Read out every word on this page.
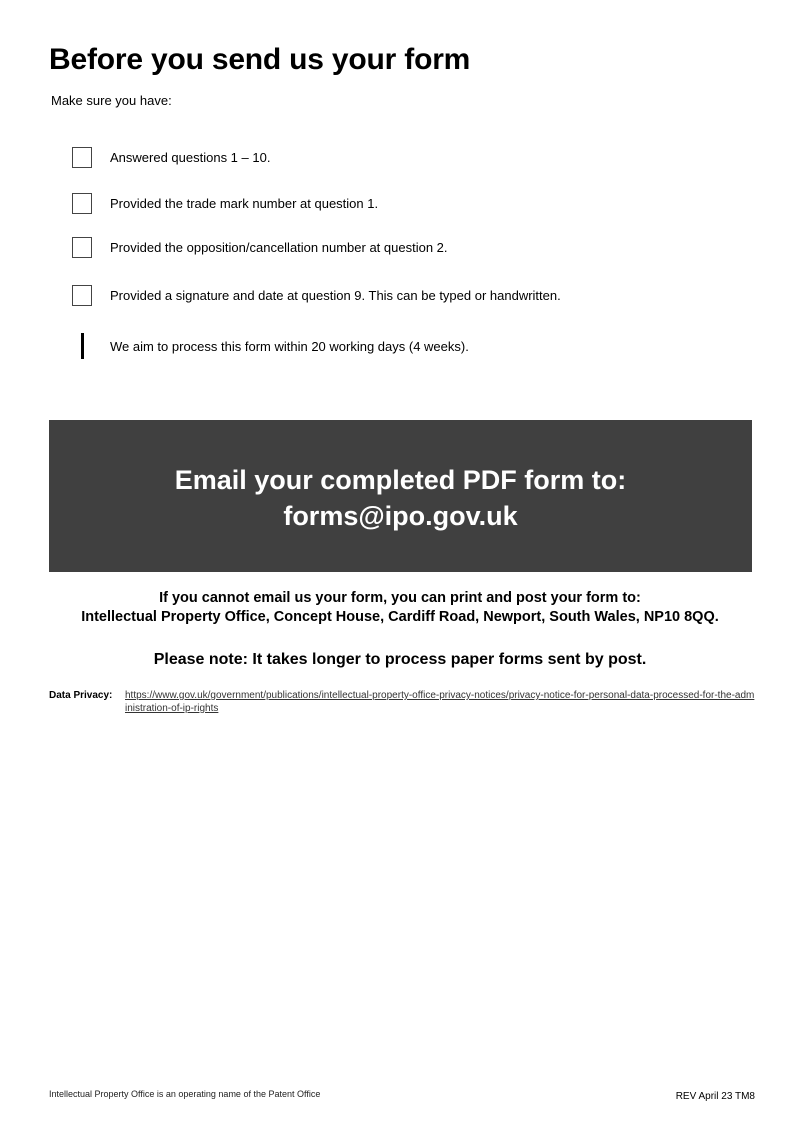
Before you send us your form
Make sure you have:
Answered questions 1 – 10.
Provided the trade mark number at question 1.
Provided the opposition/cancellation number at question 2.
Provided a signature and date at question 9. This can be typed or handwritten.
We aim to process this form within 20 working days (4 weeks).
Email your completed PDF form to:
forms@ipo.gov.uk
If you cannot email us your form, you can print and post your form to:
Intellectual Property Office, Concept House, Cardiff Road, Newport, South Wales, NP10 8QQ.
Please note: It takes longer to process paper forms sent by post.
Data Privacy: https://www.gov.uk/government/publications/intellectual-property-office-privacy-notices/privacy-notice-for-personal-data-processed-for-the-administration-of-ip-rights
Intellectual Property Office is an operating name of the Patent Office	REV April 23 TM8
